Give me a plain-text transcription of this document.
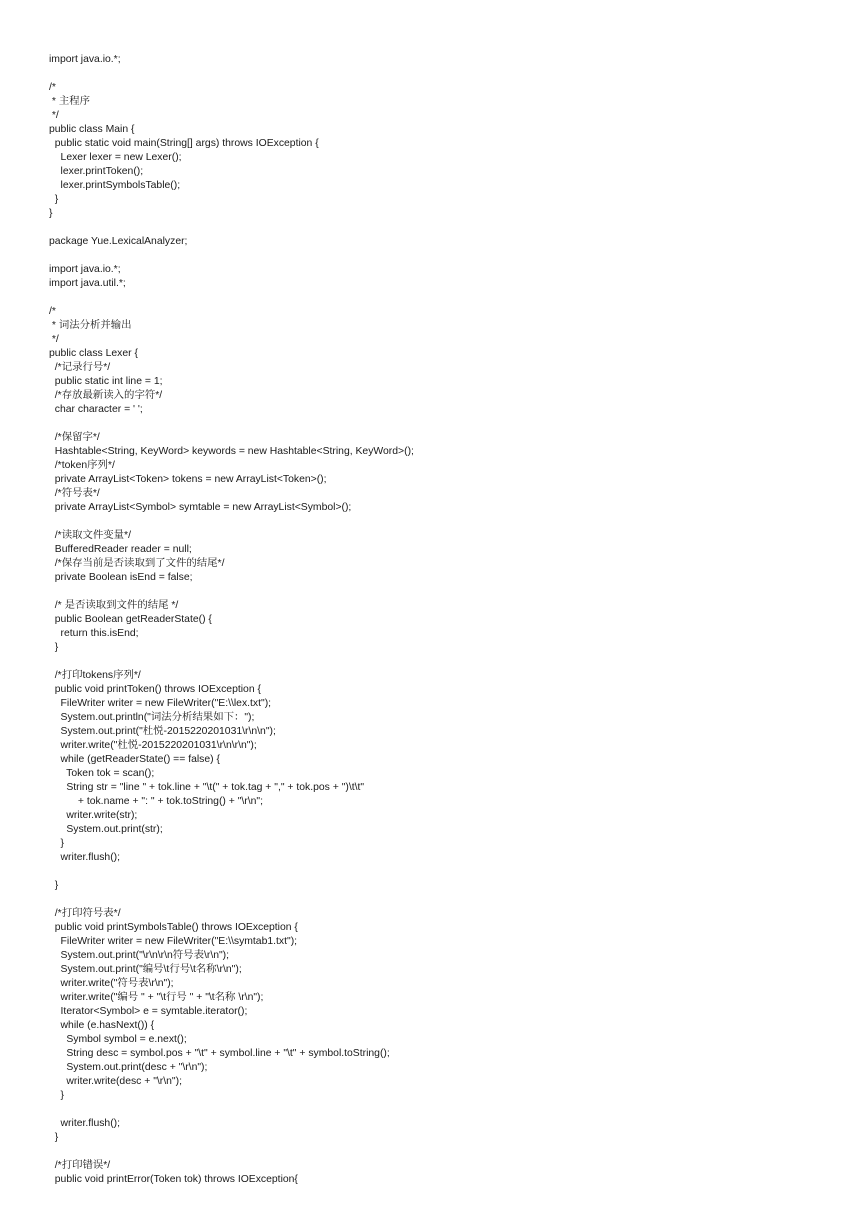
import java.io.*;
/*
* 主程序
*/
public class Main {
public static void main(String[] args) throws IOException {
Lexer lexer = new Lexer();
lexer.printToken();
lexer.printSymbolsTable();
}
}
package Yue.LexicalAnalyzer;
import java.io.*;
import java.util.*;
/*
* 词法分析并输出
*/
public class Lexer {
/*记录行号*/
public static int line = 1;
/*存放最新读入的字符*/
char character = ' ';
/*保留字*/
Hashtable<String, KeyWord> keywords = new Hashtable<String, KeyWord>();
/*token序列*/
private ArrayList<Token> tokens = new ArrayList<Token>();
/*符号表*/
private ArrayList<Symbol> symtable = new ArrayList<Symbol>();
/*读取文件变量*/
BufferedReader reader = null;
/*保存当前是否读取到了文件的结尾*/
private Boolean isEnd = false;
/* 是否读取到文件的结尾 */
public Boolean getReaderState() {
return this.isEnd;
}
/*打印tokens序列*/
public void printToken() throws IOException {
FileWriter writer = new FileWriter("E:\\lex.txt");
System.out.println("词法分析结果如下：");
System.out.print("杜悦-2015220201031\r\n\n");
writer.write("杜悦-2015220201031\r\n\r\n");
while (getReaderState() == false) {
Token tok = scan();
String str = "line " + tok.line + "\t(" + tok.tag + "," + tok.pos + ")\t\t"
+ tok.name + ": " + tok.toString() + "\r\n";
writer.write(str);
System.out.print(str);
}
writer.flush();
}
/*打印符号表*/
public void printSymbolsTable() throws IOException {
FileWriter writer = new FileWriter("E:\\symtab1.txt");
System.out.print("\r\n\r\n符号表\r\n");
System.out.print("编号\t行号\t名称\r\n");
writer.write("符号表\r\n");
writer.write("编号 " + "\t行号 " + "\t名称 \r\n");
Iterator<Symbol> e = symtable.iterator();
while (e.hasNext()) {
Symbol symbol = e.next();
String desc = symbol.pos + "\t" + symbol.line + "\t" + symbol.toString();
System.out.print(desc + "\r\n");
writer.write(desc + "\r\n");
}
writer.flush();
}
/*打印错误*/
public void printError(Token tok) throws IOException{
